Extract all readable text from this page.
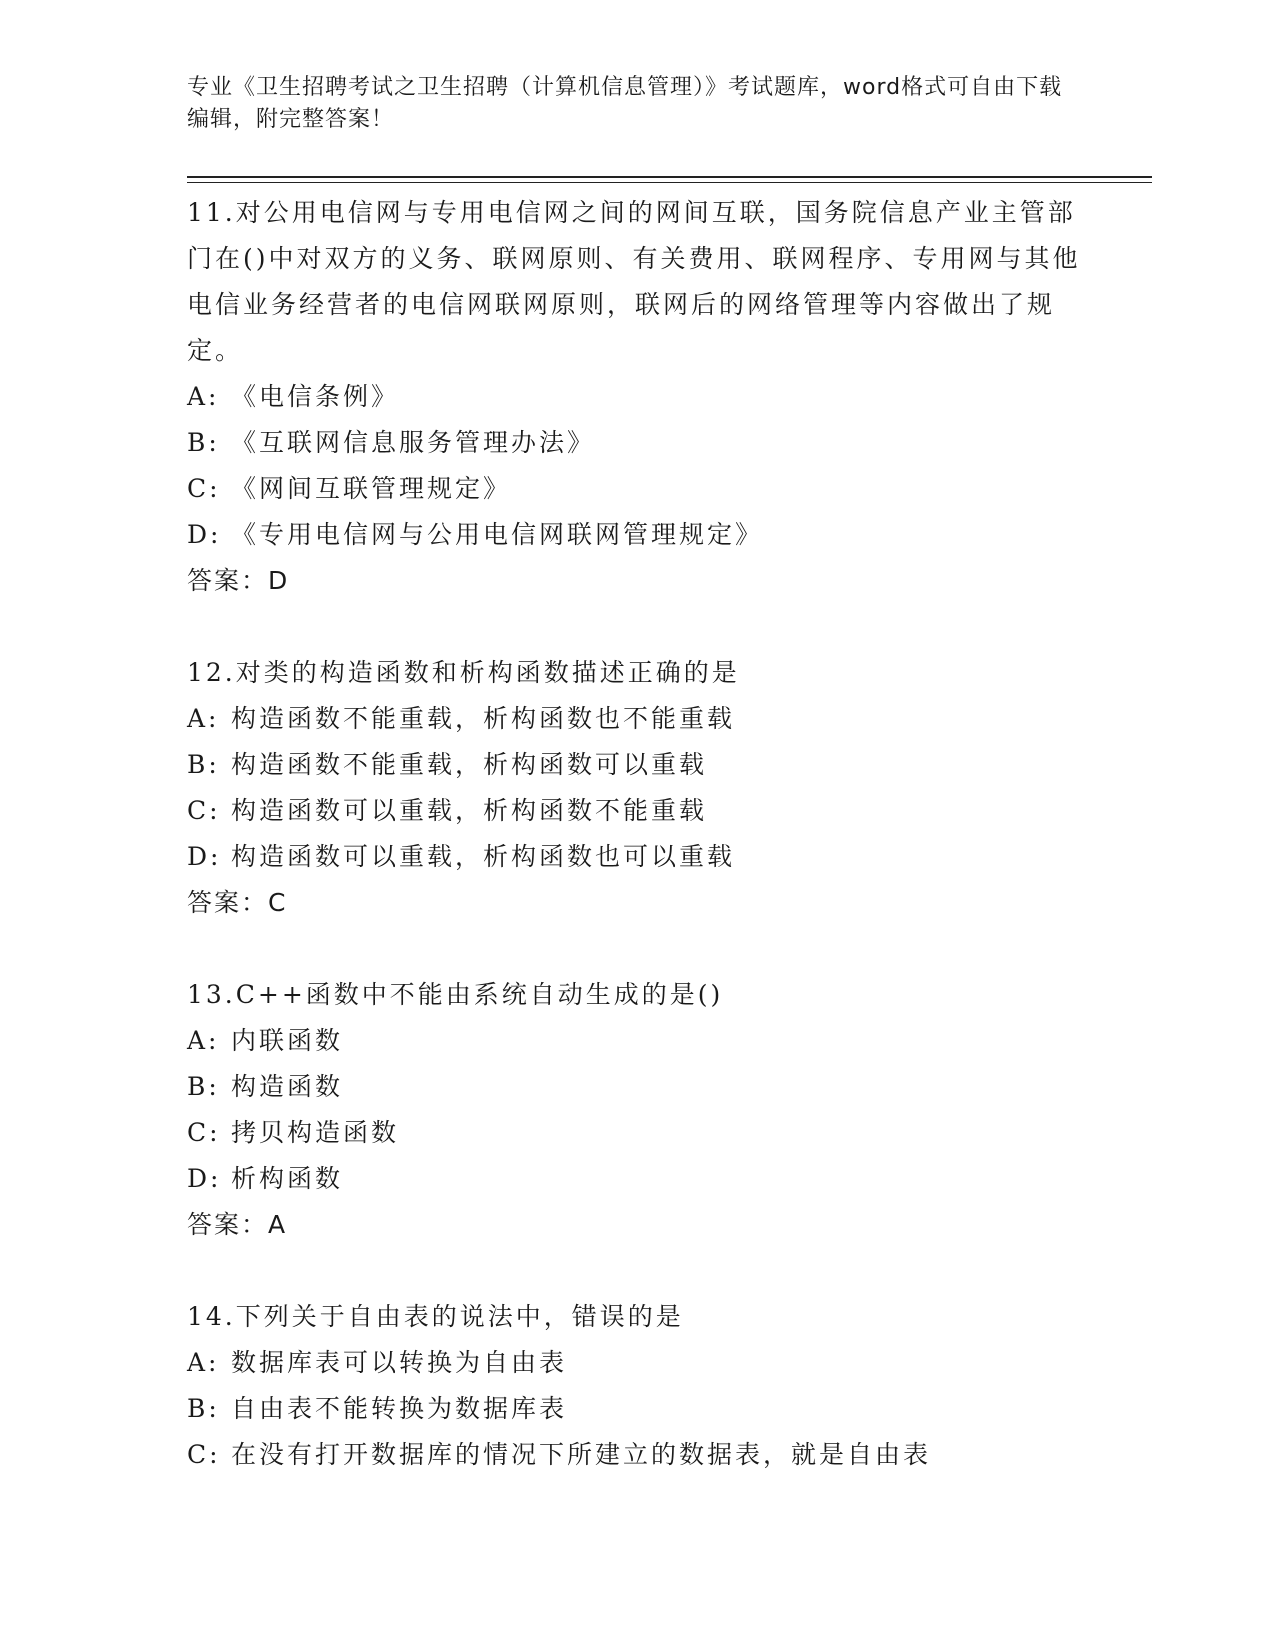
专业《卫生招聘考试之卫生招聘（计算机信息管理）》考试题库，word格式可自由下载编辑，附完整答案！

11.对公用电信网与专用电信网之间的网间互联，国务院信息产业主管部门在()中对双方的义务、联网原则、有关费用、联网程序、专用网与其他电信业务经营者的电信网联网原则，联网后的网络管理等内容做出了规定。

A: 《电信条例》

B: 《互联网信息服务管理办法》

C: 《网间互联管理规定》

D: 《专用电信网与公用电信网联网管理规定》

答案：D

12.对类的构造函数和析构函数描述正确的是

A: 构造函数不能重载，析构函数也不能重载

B: 构造函数不能重载，析构函数可以重载

C: 构造函数可以重载，析构函数不能重载

D: 构造函数可以重载，析构函数也可以重载

答案：C

13.C++函数中不能由系统自动生成的是()

A: 内联函数

B: 构造函数

C: 拷贝构造函数

D: 析构函数

答案：A

14.下列关于自由表的说法中，错误的是

A: 数据库表可以转换为自由表

B: 自由表不能转换为数据库表

C: 在没有打开数据库的情况下所建立的数据表，就是自由表
